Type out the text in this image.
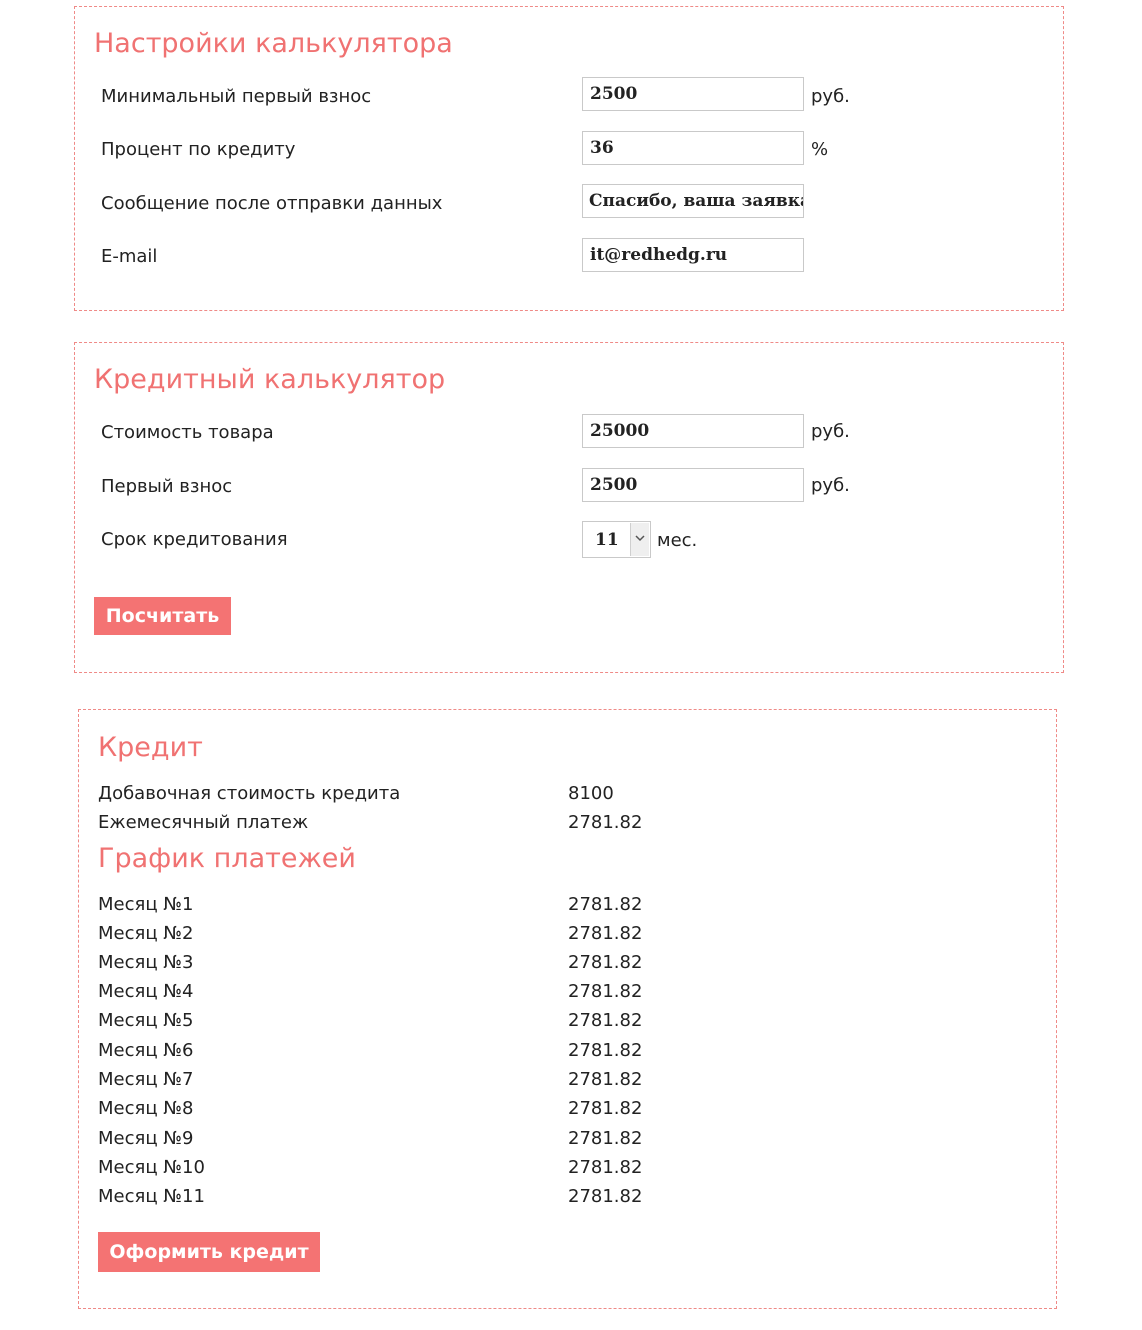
Настройки калькулятора
Минимальный первый взнос
2500	руб.
Процент по кредиту
36	%
Сообщение после отправки данных
Спасибо, ваша заявка
E-mail
it@redhedg.ru
Кредитный калькулятор
Стоимость товара
25000	руб.
Первый взнос
2500	руб.
Срок кредитования	11 мес.
Посчитать
Кредит
Добавочная стоимость кредита	8100
Ежемесячный платеж	2781.82
График платежей
Месяц №1	2781.82
Месяц №2	2781.82
Месяц №3	2781.82
Месяц №4	2781.82
Месяц №5	2781.82
Месяц №6	2781.82
Месяц №7	2781.82
Месяц №8	2781.82
Месяц №9	2781.82
Месяц №10	2781.82
Месяц №11	2781.82
Оформить кредит
